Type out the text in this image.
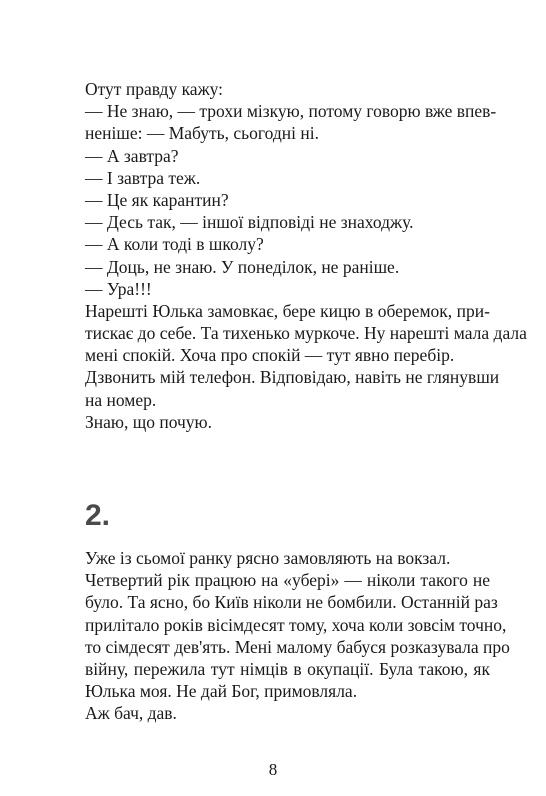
Отут правду кажу:

— Не знаю, — трохи мізкую, потому говорю вже впев-
неніше: — Мабуть, сьогодні ні.

— А завтра?

— І завтра теж.

— Це як карантин?

— Десь так, — іншої відповіді не знаходжу.

— А коли тоді в школу?

— Доць, не знаю. У понеділок, не раніше.

— Ура!!!

Нарешті Юлька замовкає, бере кицю в оберемок, при-
тискає до себе. Та тихенько муркоче. Ну нарешті мала дала
мені спокій. Хоча про спокій — тут явно перебір.

Дзвонить мій телефон. Відповідаю, навіть не глянувши
на номер.

Знаю, що почую.

2.

Уже із сьомої ранку рясно замовляють на вокзал.

Четвертий рік працюю на «убері» — ніколи такого не
було. Та ясно, бо Київ ніколи не бомбили. Останній раз
прилітало років вісімдесят тому, хоча коли зовсім точно,
то сімдесят дев'ять. Мені малому бабуся розказувала про
війну, пережила тут німців в окупації. Була такою, як
Юлька моя. Не дай Бог, примовляла.

Аж бач, дав.

8
